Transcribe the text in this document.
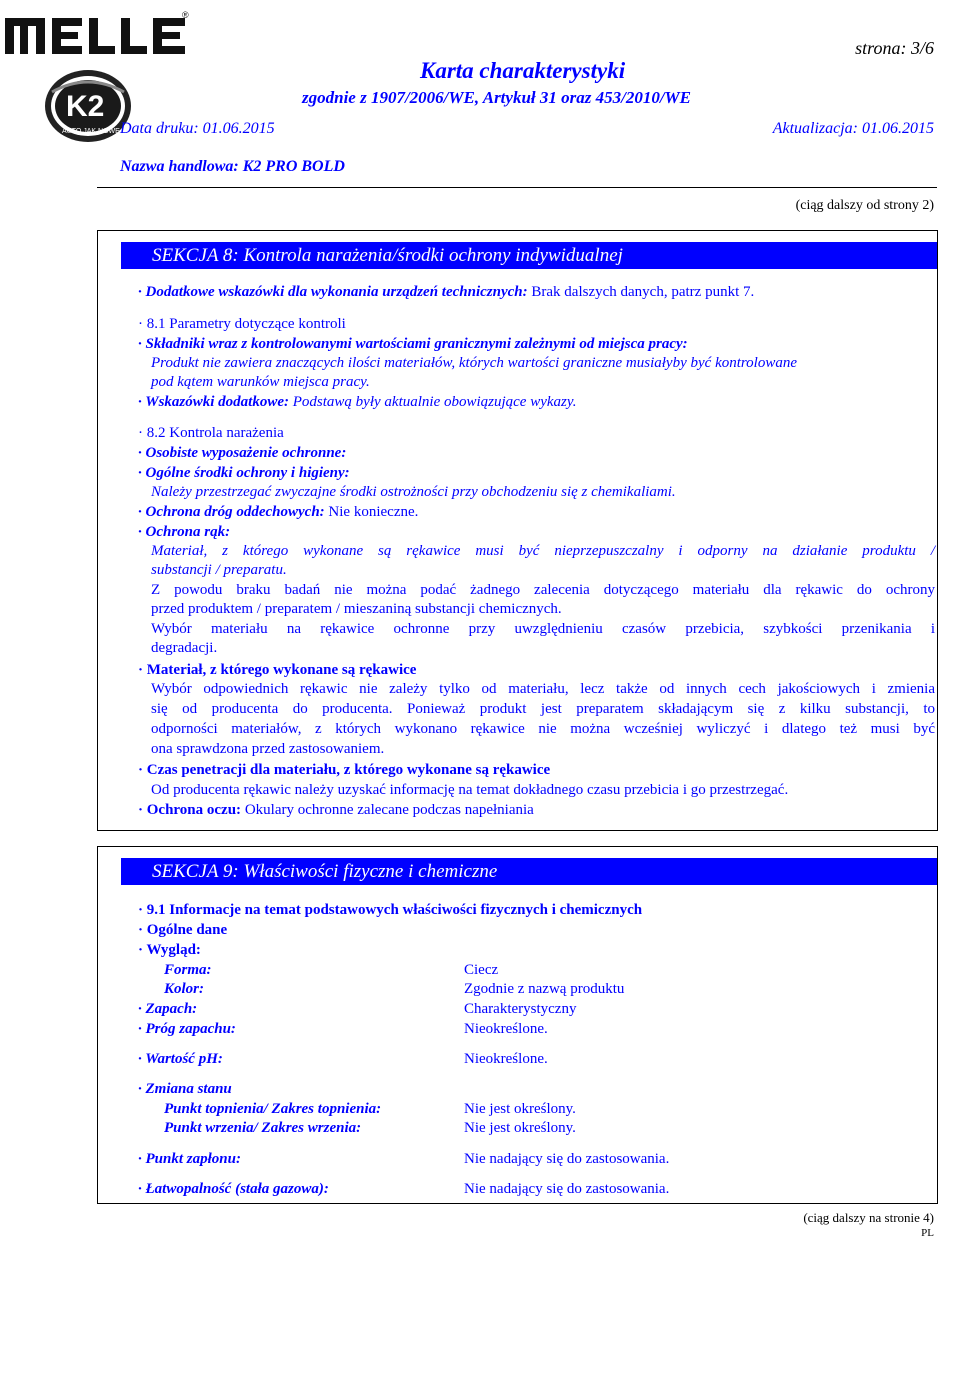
®
K2
AUTO JAK NOWE
strona: 3/6
Karta charakterystyki
zgodnie z 1907/2006/WE, Artykuł 31 oraz 453/2010/WE
Data druku: 01.06.2015	Aktualizacja: 01.06.2015
Nazwa handlowa: K2 PRO BOLD
(ciąg dalszy od strony 2)
SEKCJA 8: Kontrola narażenia/środki ochrony indywidualnej
· Dodatkowe wskazówki dla wykonania urządzeń technicznych: Brak dalszych danych, patrz punkt 7.
· 8.1 Parametry dotyczące kontroli
· Składniki wraz z kontrolowanymi wartościami granicznymi zależnymi od miejsca pracy:
Produkt nie zawiera znaczących ilości materiałów, których wartości graniczne musiałyby być kontrolowane
pod kątem warunków miejsca pracy.
· Wskazówki dodatkowe: Podstawą były aktualnie obowiązujące wykazy.
· 8.2 Kontrola narażenia
· Osobiste wyposażenie ochronne:
· Ogólne środki ochrony i higieny:
Należy przestrzegać zwyczajne środki ostrożności przy obchodzeniu się z chemikaliami.
· Ochrona dróg oddechowych: Nie konieczne.
· Ochrona rąk:
Materiał, z którego wykonane są rękawice musi być nieprzepuszczalny i odporny na działanie produktu /
substancji / preparatu.
Z powodu braku badań nie można podać żadnego zalecenia dotyczącego materiału dla rękawic do ochrony
przed produktem / preparatem / mieszaniną substancji chemicznych.
Wybór materiału na rękawice ochronne przy uwzględnieniu czasów przebicia, szybkości przenikania i
degradacji.
· Materiał, z którego wykonane są rękawice
Wybór odpowiednich rękawic nie zależy tylko od materiału, lecz także od innych cech jakościowych i zmienia
się od producenta do producenta. Ponieważ produkt jest preparatem składającym się z kilku substancji, to
odporności materiałów, z których wykonano rękawice nie można wcześniej wyliczyć i dlatego też musi być
ona sprawdzona przed zastosowaniem.
· Czas penetracji dla materiału, z którego wykonane są rękawice
Od producenta rękawic należy uzyskać informację na temat dokładnego czasu przebicia i go przestrzegać.
· Ochrona oczu: Okulary ochronne zalecane podczas napełniania
SEKCJA 9: Właściwości fizyczne i chemiczne
· 9.1 Informacje na temat podstawowych właściwości fizycznych i chemicznych
· Ogólne dane
· Wygląd:
Forma:	Ciecz
Kolor:	Zgodnie z nazwą produktu
· Zapach:	Charakterystyczny
· Próg zapachu:	Nieokreślone.
· Wartość pH:	Nieokreślone.
· Zmiana stanu
Punkt topnienia/ Zakres topnienia:	Nie jest określony.
Punkt wrzenia/ Zakres wrzenia:	Nie jest określony.
· Punkt zapłonu:	Nie nadający się do zastosowania.
· Łatwopalność (stała gazowa):	Nie nadający się do zastosowania.
(ciąg dalszy na stronie 4)
PL
